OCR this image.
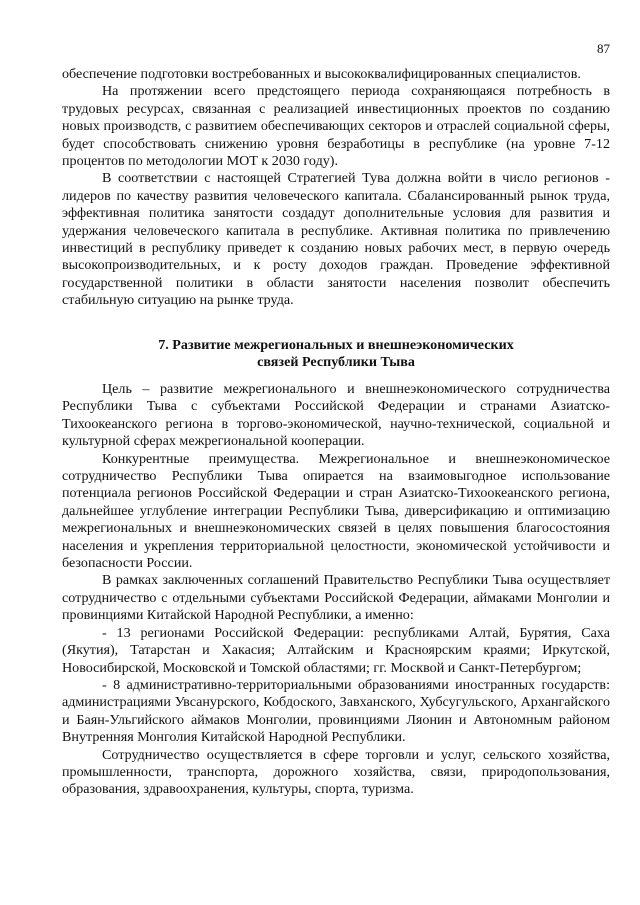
87

обеспечение подготовки востребованных и высококвалифицированных специалистов.

На протяжении всего предстоящего периода сохраняющаяся потребность в трудовых ресурсах, связанная с реализацией инвестиционных проектов по созданию новых производств, с развитием обеспечивающих секторов и отраслей социальной сферы, будет способствовать снижению уровня безработицы в республике (на уровне 7-12 процентов по методологии МОТ к 2030 году).

В соответствии с настоящей Стратегией Тува должна войти в число регионов - лидеров по качеству развития человеческого капитала. Сбалансированный рынок труда, эффективная политика занятости создадут дополнительные условия для развития и удержания человеческого капитала в республике. Активная политика по привлечению инвестиций в республику приведет к созданию новых рабочих мест, в первую очередь высокопроизводительных, и к росту доходов граждан. Проведение эффективной государственной политики в области занятости населения позволит обеспечить стабильную ситуацию на рынке труда.

7. Развитие межрегиональных и внешнеэкономических
связей Республики Тыва

Цель – развитие межрегионального и внешнеэкономического сотрудничества Республики Тыва с субъектами Российской Федерации и странами Азиатско-Тихоокеанского региона в торгово-экономической, научно-технической, социальной и культурной сферах межрегиональной кооперации.

Конкурентные преимущества. Межрегиональное и внешнеэкономическое сотрудничество Республики Тыва опирается на взаимовыгодное использование потенциала регионов Российской Федерации и стран Азиатско-Тихоокеанского региона, дальнейшее углубление интеграции Республики Тыва, диверсификацию и оптимизацию межрегиональных и внешнеэкономических связей в целях повышения благосостояния населения и укрепления территориальной целостности, экономической устойчивости и безопасности России.

В рамках заключенных соглашений Правительство Республики Тыва осуществляет сотрудничество с отдельными субъектами Российской Федерации, аймаками Монголии и провинциями Китайской Народной Республики, а именно:

- 13 регионами Российской Федерации: республиками Алтай, Бурятия, Саха (Якутия), Татарстан и Хакасия; Алтайским и Красноярским краями; Иркутской, Новосибирской, Московской и Томской областями; гг. Москвой и Санкт-Петербургом;

- 8 административно-территориальными образованиями иностранных государств: администрациями Увсанурского, Кобдоского, Завханского, Хубсугульского, Архангайского и Баян-Ульгийского аймаков Монголии, провинциями Ляонин и Автономным районом Внутренняя Монголия Китайской Народной Республики.

Сотрудничество осуществляется в сфере торговли и услуг, сельского хозяйства, промышленности, транспорта, дорожного хозяйства, связи, природопользования, образования, здравоохранения, культуры, спорта, туризма.
